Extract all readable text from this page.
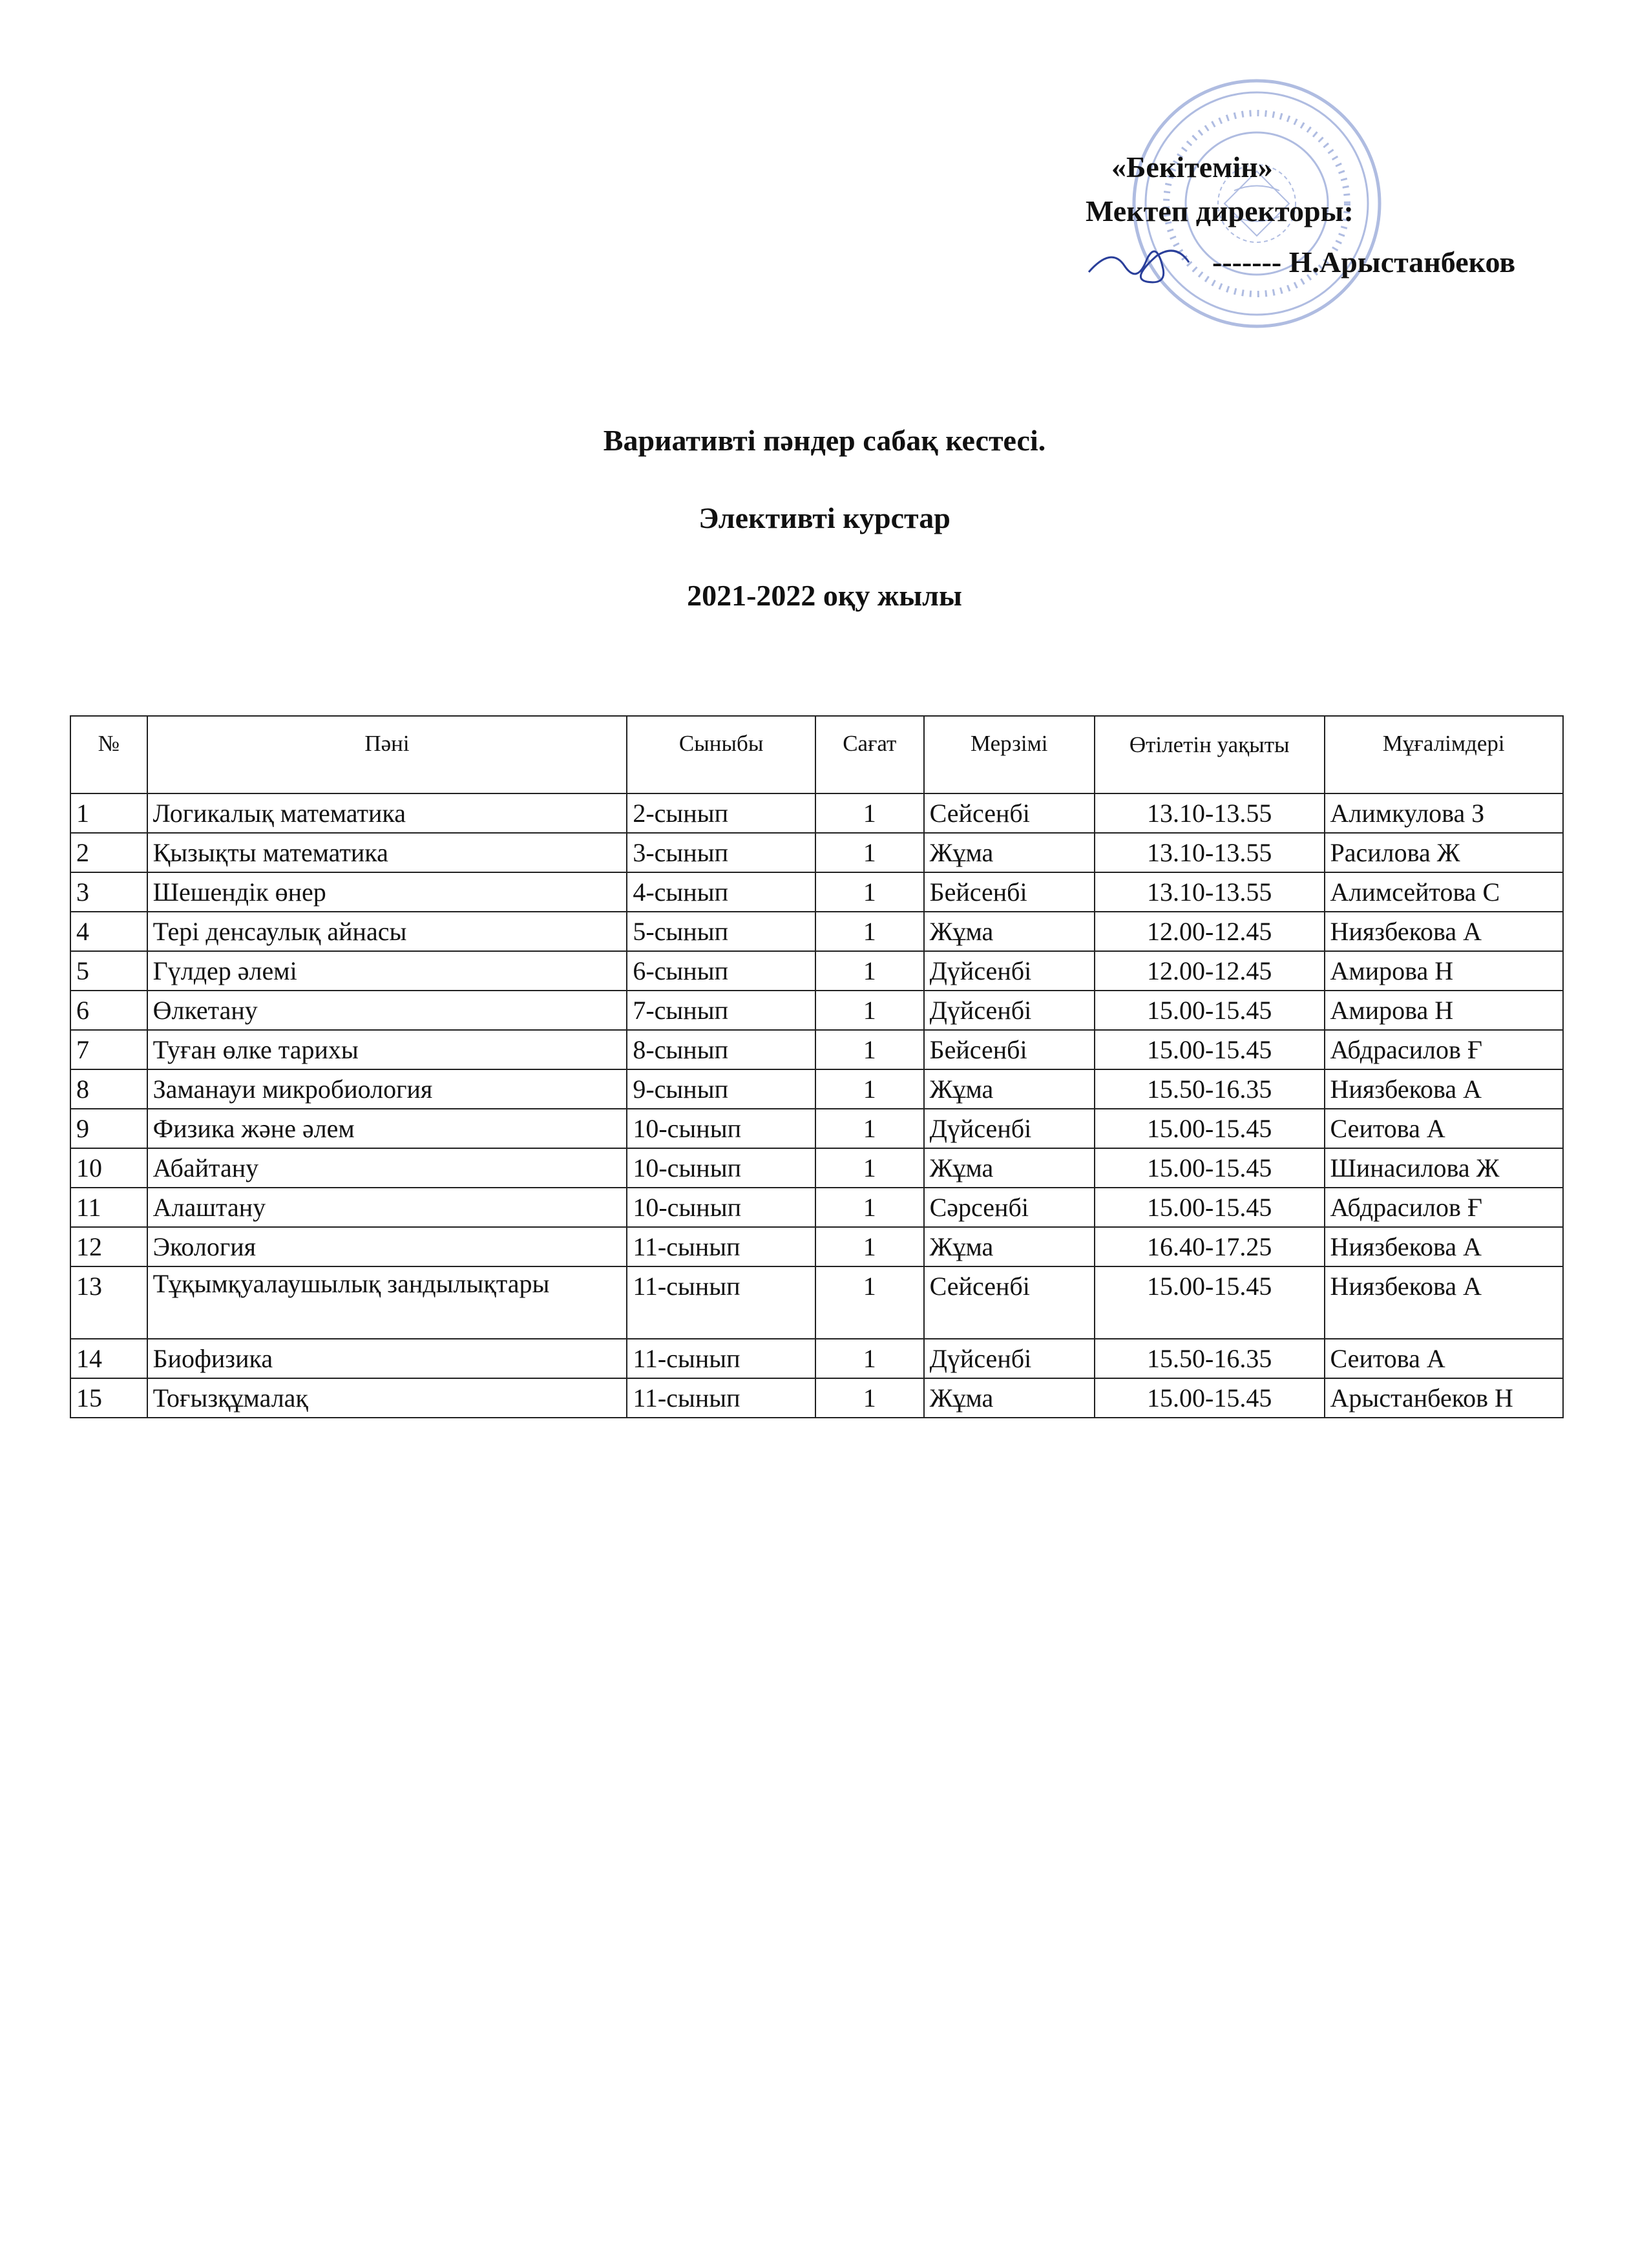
«Бекітемін»
Мектеп директоры:
------- Н.Арыстанбеков
Вариативті пәндер сабақ кестесі.
Элективті курстар
2021-2022 оқу жылы
№	Пәні	Сыныбы	Сағат	Мерзімі	Өтілетін уақыты	Мұғалімдері
1	Логикалық математика	2-сынып	1	Сейсенбі	13.10-13.55	Алимкулова З
2	Қызықты математика	3-сынып	1	Жұма	13.10-13.55	Расилова Ж
3	Шешендік өнер	4-сынып	1	Бейсенбі	13.10-13.55	Алимсейтова С
4	Тері денсаулық айнасы	5-сынып	1	Жұма	12.00-12.45	Ниязбекова А
5	Гүлдер әлемі	6-сынып	1	Дүйсенбі	12.00-12.45	Амирова Н
6	Өлкетану	7-сынып	1	Дүйсенбі	15.00-15.45	Амирова Н
7	Туған өлке тарихы	8-сынып	1	Бейсенбі	15.00-15.45	Абдрасилов Ғ
8	Заманауи микробиология	9-сынып	1	Жұма	15.50-16.35	Ниязбекова А
9	Физика және әлем	10-сынып	1	Дүйсенбі	15.00-15.45	Сеитова А
10	Абайтану	10-сынып	1	Жұма	15.00-15.45	Шинасилова Ж
11	Алаштану	10-сынып	1	Сәрсенбі	15.00-15.45	Абдрасилов Ғ
12	Экология	11-сынып	1	Жұма	16.40-17.25	Ниязбекова А
13	Тұқымқуалаушылық зандылықтары	11-сынып	1	Сейсенбі	15.00-15.45	Ниязбекова А
14	Биофизика	11-сынып	1	Дүйсенбі	15.50-16.35	Сеитова А
15	Тоғызқұмалақ	11-сынып	1	Жұма	15.00-15.45	Арыстанбеков Н
